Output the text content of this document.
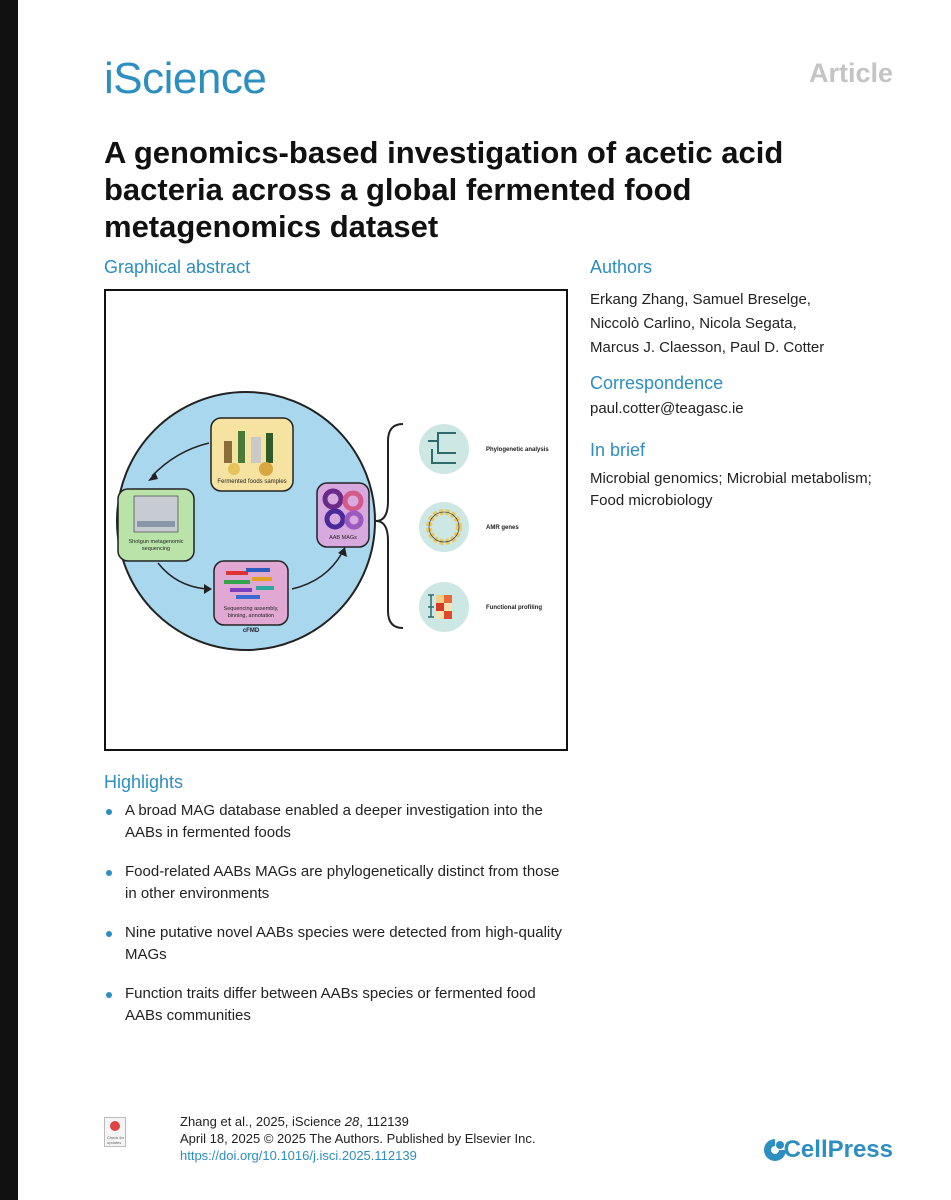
iScience	Article
A genomics-based investigation of acetic acid bacteria across a global fermented food metagenomics dataset
Graphical abstract
Fermented foods samples
Shotgun metagenomic
sequencing
Sequencing assembly,
binning, annotation
cFMD
AAB MAGs
Phylogenetic analysis
AMR genes
Functional profiling
Authors
Erkang Zhang, Samuel Breselge,
Niccolò Carlino, Nicola Segata,
Marcus J. Claesson, Paul D. Cotter
Correspondence
paul.cotter@teagasc.ie
In brief
Microbial genomics; Microbial metabolism; Food microbiology
Highlights
A broad MAG database enabled a deeper investigation into the AABs in fermented foods
Food-related AABs MAGs are phylogenetically distinct from those in other environments
Nine putative novel AABs species were detected from high-quality MAGs
Function traits differ between AABs species or fermented food AABs communities
Check for updates
Zhang et al., 2025, iScience 28, 112139
April 18, 2025 © 2025 The Authors. Published by Elsevier Inc.
https://doi.org/10.1016/j.isci.2025.112139	CellPress
